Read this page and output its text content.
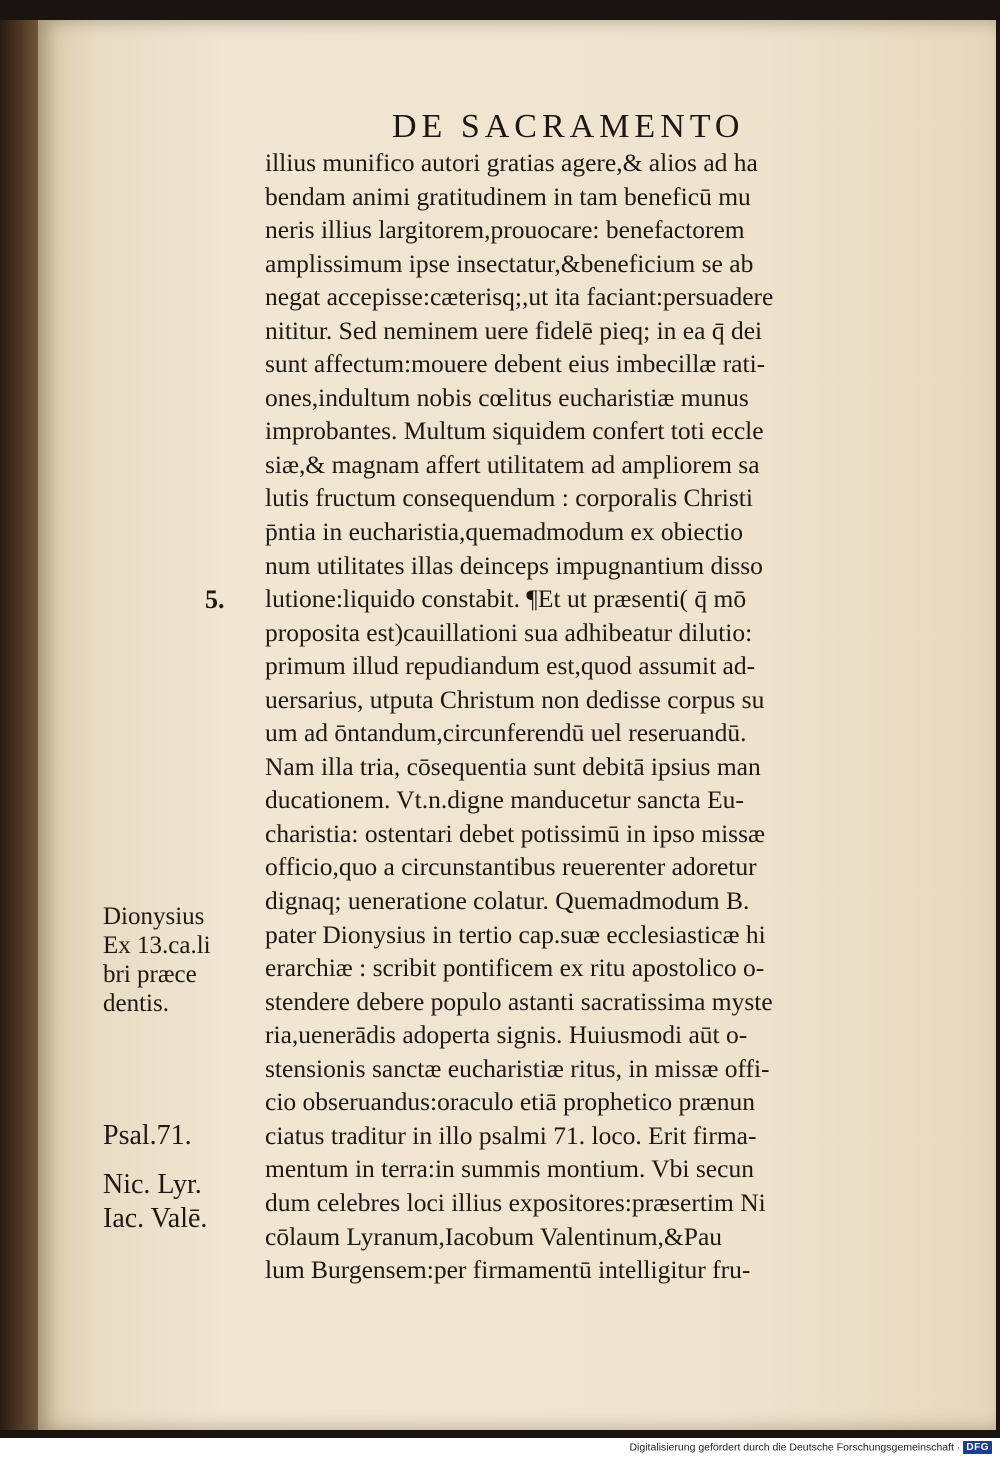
DE SACRAMENTO
illius munifico autori gratias agere,& alios ad ha
bendam animi gratitudinem in tam beneficū mu
neris illius largitorem,prouocare: benefactorem
amplissimum ipse insectatur,&beneficium se ab
negat accepisse:cæterisq;,ut ita faciant:persuadere
nititur. Sed neminem uere fidelē pieq; in ea q̄ dei
sunt affectum:mouere debent eius imbecillæ rati-
ones,indultum nobis cœlitus eucharistiæ munus
improbantes. Multum siquidem confert toti eccle
siæ,& magnam affert utilitatem ad ampliorem sa
lutis fructum consequendum : corporalis Christi
p̄ntia in eucharistia,quemadmodum ex obiectio
num utilitates illas deinceps impugnantium disso
lutione:liquido constabit. ¶Et ut præsenti( q̄ mō
proposita est)cauillationi sua adhibeatur dilutio:
primum illud repudiandum est,quod assumit ad-
uersarius, utputa Christum non dedisse corpus su
um ad ōntandum,circunferendū uel reseruandū.
Nam illa tria, cōsequentia sunt debitā ipsius man
ducationem. Vt.n.digne manducetur sancta Eu-
charistia: ostentari debet potissimū in ipso missæ
officio,quo a circunstantibus reuerenter adoretur
dignaq; ueneratione colatur. Quemadmodum B.
pater Dionysius in tertio cap.suæ ecclesiasticæ hi
erarchiæ : scribit pontificem ex ritu apostolico o-
stendere debere populo astanti sacratissima myste
ria,uenerādis adoperta signis. Huiusmodi aūt o-
stensionis sanctæ eucharistiæ ritus, in missæ offi-
cio obseruandus:oraculo etiā prophetico prænun
ciatus traditur in illo psalmi 71. loco. Erit firma-
mentum in terra:in summis montium. Vbi secun
dum celebres loci illius expositores:præsertim Ni
cōlaum Lyranum,Iacobum Valentinum,&Pau
lum Burgensem:per firmamentū intelligitur fru-
5.
Dionysius
Ex 13.ca.li
bri præce
dentis.
Psal.71.
Nic. Lyr.
Iac. Valē.
Digitalisierung gefördert durch die Deutsche Forschungsgemeinschaft · DFG
